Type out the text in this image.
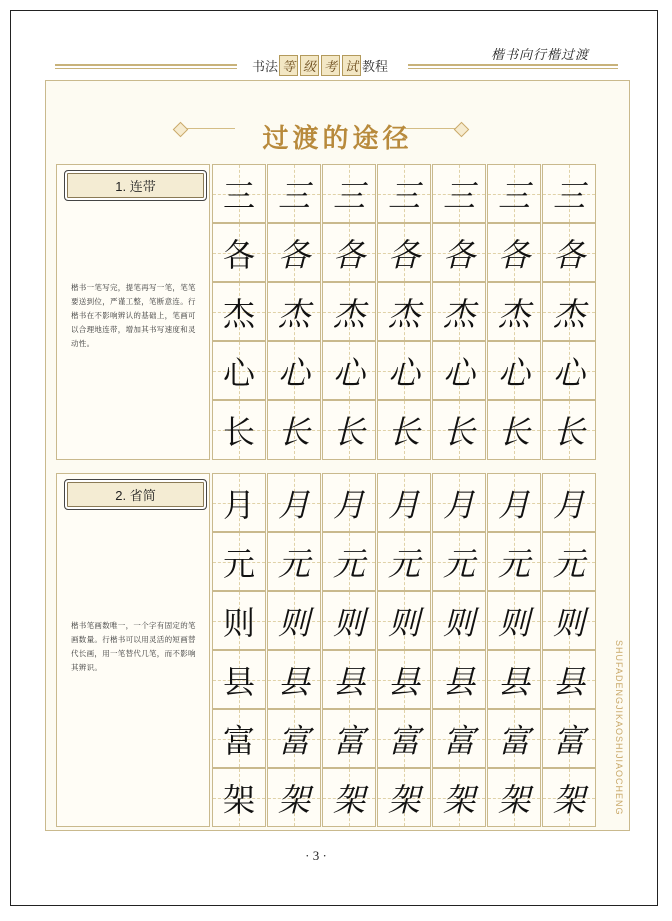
书法 等 级 考 试 教程
楷书向行楷过渡
过渡的途径
1. 连带
楷书一笔写完，提笔再写一笔，笔笔要送到位，严谨工整，笔断意连。行楷书在不影响辨认的基础上，笔画可以合理地连带，增加其书写速度和灵动性。
三 三 三 三 三 三 三
各 各 各 各 各 各 各
杰 杰 杰 杰 杰 杰 杰
心 心 心 心 心 心 心
长 长 长 长 长 长 长
2. 省简
楷书笔画数唯一，一个字有固定的笔画数量。行楷书可以用灵活的短画替代长画，用一笔替代几笔，而不影响其辨识。
月 月 月 月 月 月 月
元 元 元 元 元 元 元
则 则 则 则 则 则 则
县 县 县 县 县 县 县
富 富 富 富 富 富 富
架 架 架 架 架 架 架	SHUFADENGJIKAOSHIJIAOCHENG
· 3 ·
